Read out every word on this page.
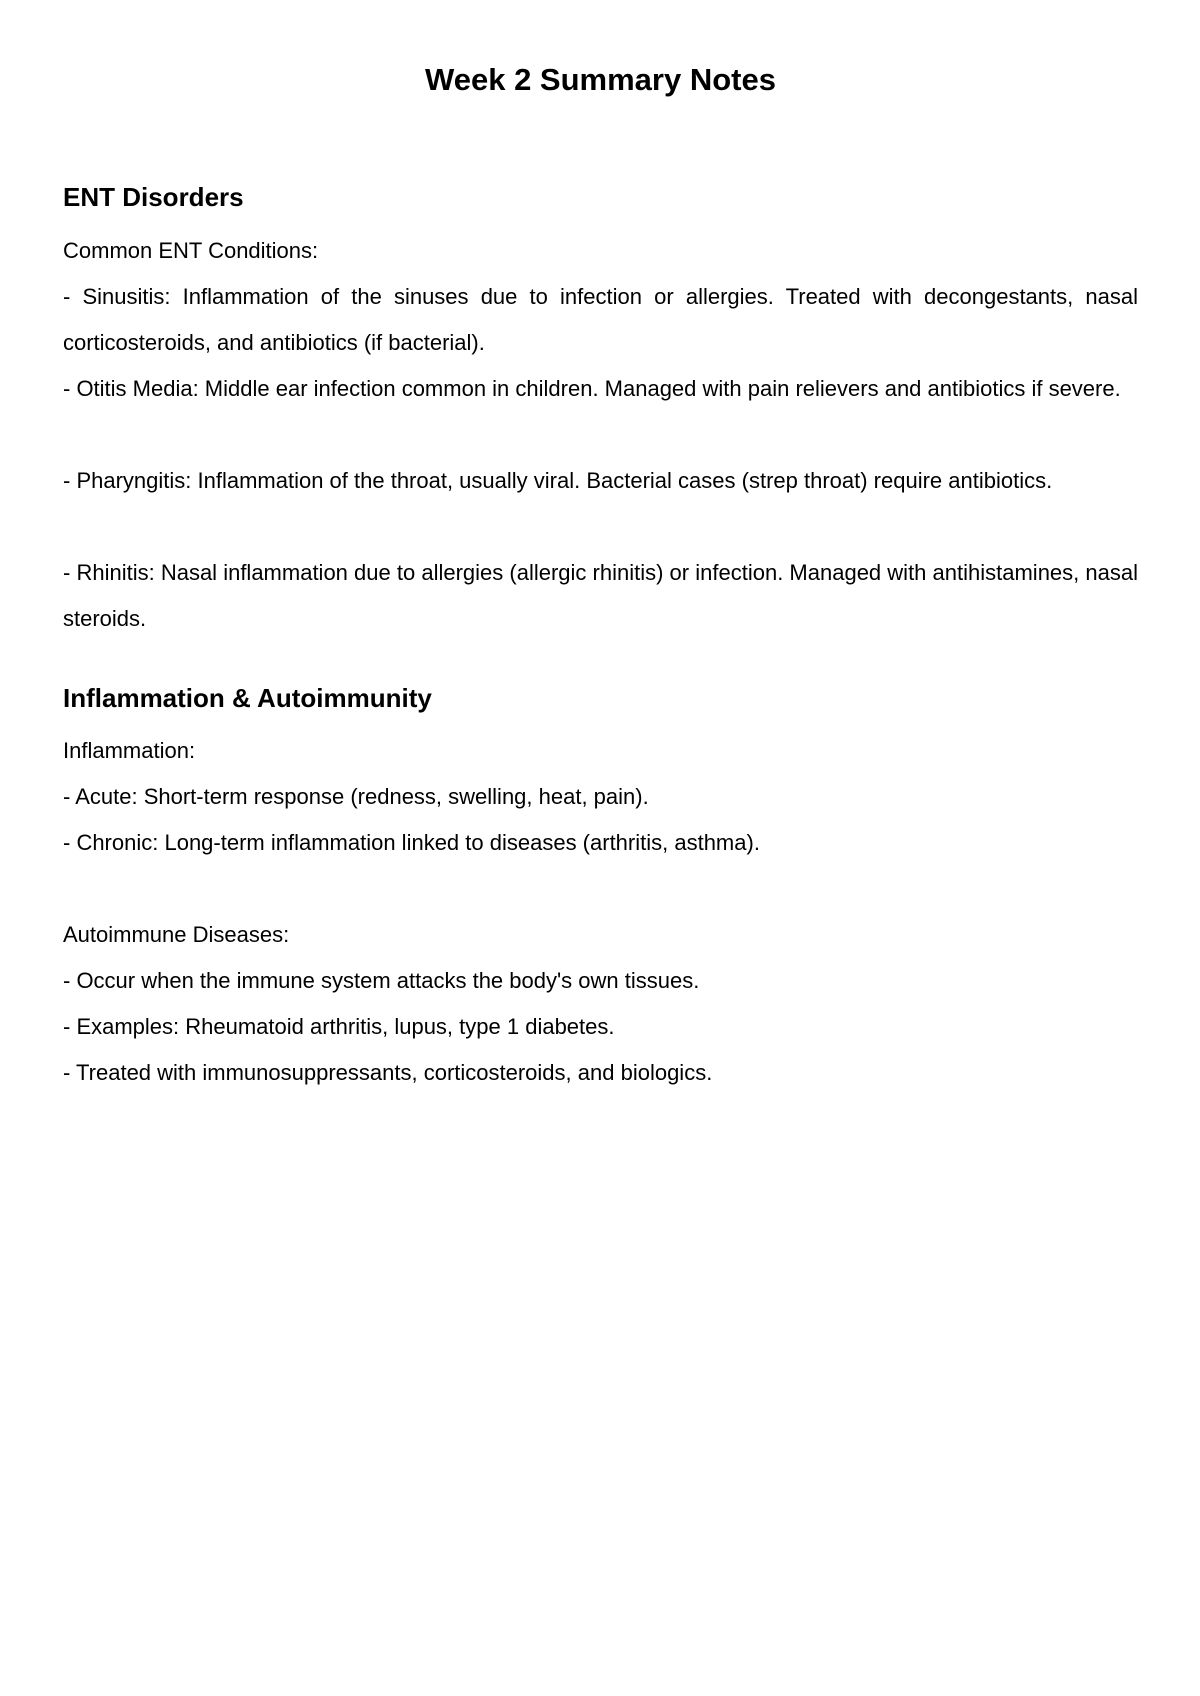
Week 2 Summary Notes
ENT Disorders

Common ENT Conditions:

- Sinusitis: Inflammation of the sinuses due to infection or allergies. Treated with decongestants, nasal corticosteroids, and antibiotics (if bacterial).

- Otitis Media: Middle ear infection common in children. Managed with pain relievers and antibiotics if severe.

- Pharyngitis: Inflammation of the throat, usually viral. Bacterial cases (strep throat) require antibiotics.

- Rhinitis: Nasal inflammation due to allergies (allergic rhinitis) or infection. Managed with antihistamines, nasal steroids.

Inflammation & Autoimmunity

Inflammation:

- Acute: Short-term response (redness, swelling, heat, pain).

- Chronic: Long-term inflammation linked to diseases (arthritis, asthma).

Autoimmune Diseases:

- Occur when the immune system attacks the body's own tissues.

- Examples: Rheumatoid arthritis, lupus, type 1 diabetes.

- Treated with immunosuppressants, corticosteroids, and biologics.
